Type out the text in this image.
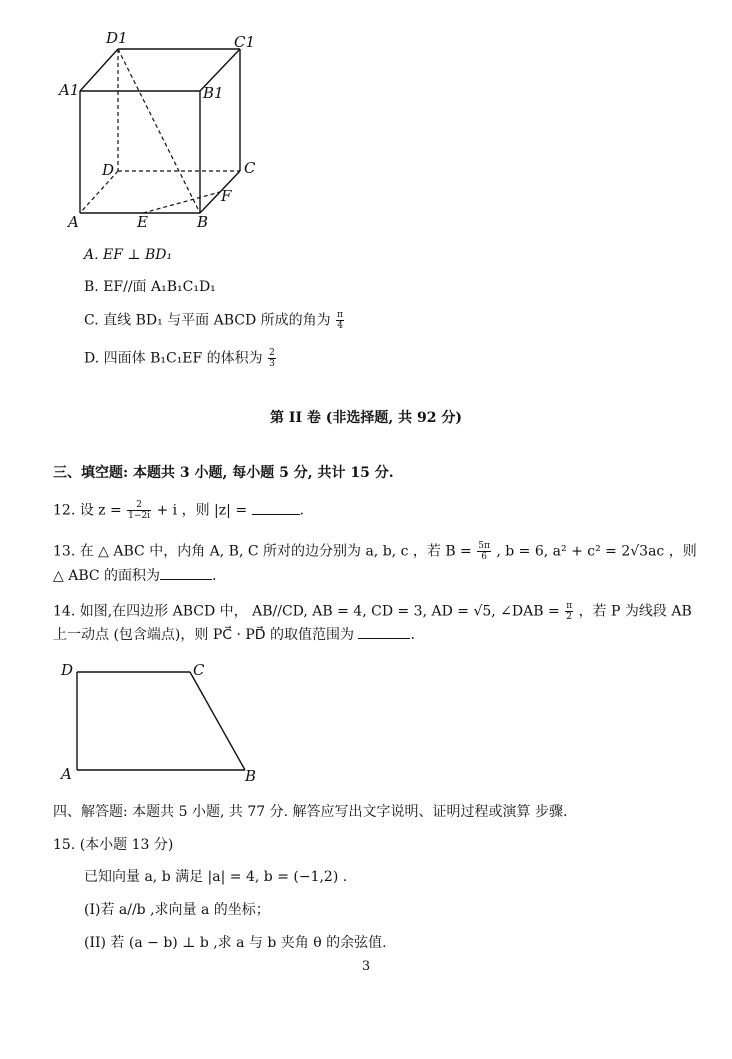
D1	C1
A1	B1
D	C
A	E	B
F
A. EF ⊥ BD₁
B. EF//面 A₁B₁C₁D₁
C. 直线 BD₁ 与平面 ABCD 所成的角为 $\frac{\pi}{4}$
D. 四面体 B₁C₁EF 的体积为 $\frac{2}{3}$
第 II 卷 (非选择题, 共 92 分)
三、填空题: 本题共 3 小题, 每小题 5 分, 共计 15 分.
12. 设 $z = \frac{2}{1-2i} + i$ ，则 |z| =	.
13. 在 △ ABC 中，内角 A, B, C 所对的边分别为 a, b, c ，若 $B = \frac{5\pi}{6}$ , b = 6, a² + c² = 2√3ac ，则
△ ABC 的面积为	.
14. 如图,在四边形 ABCD 中， AB//CD, AB = 4, CD = 3, AD = √5, ∠DAB = $\frac{\pi}{2}$ ，若 P 为线段 AB
上一动点 (包含端点)，则 PC⃗ · PD⃗ 的取值范围为	.
D	C
A	B
四、解答题: 本题共 5 小题, 共 77 分. 解答应写出文字说明、证明过程或演算 步骤.
15. (本小题 13 分)
已知向量 a, b 满足 |a| = 4, b = (−1,2) .
(I)若 a//b ,求向量 a 的坐标；
(II) 若 (a − b) ⊥ b ,求 a 与 b 夹角 θ 的余弦值.
3
